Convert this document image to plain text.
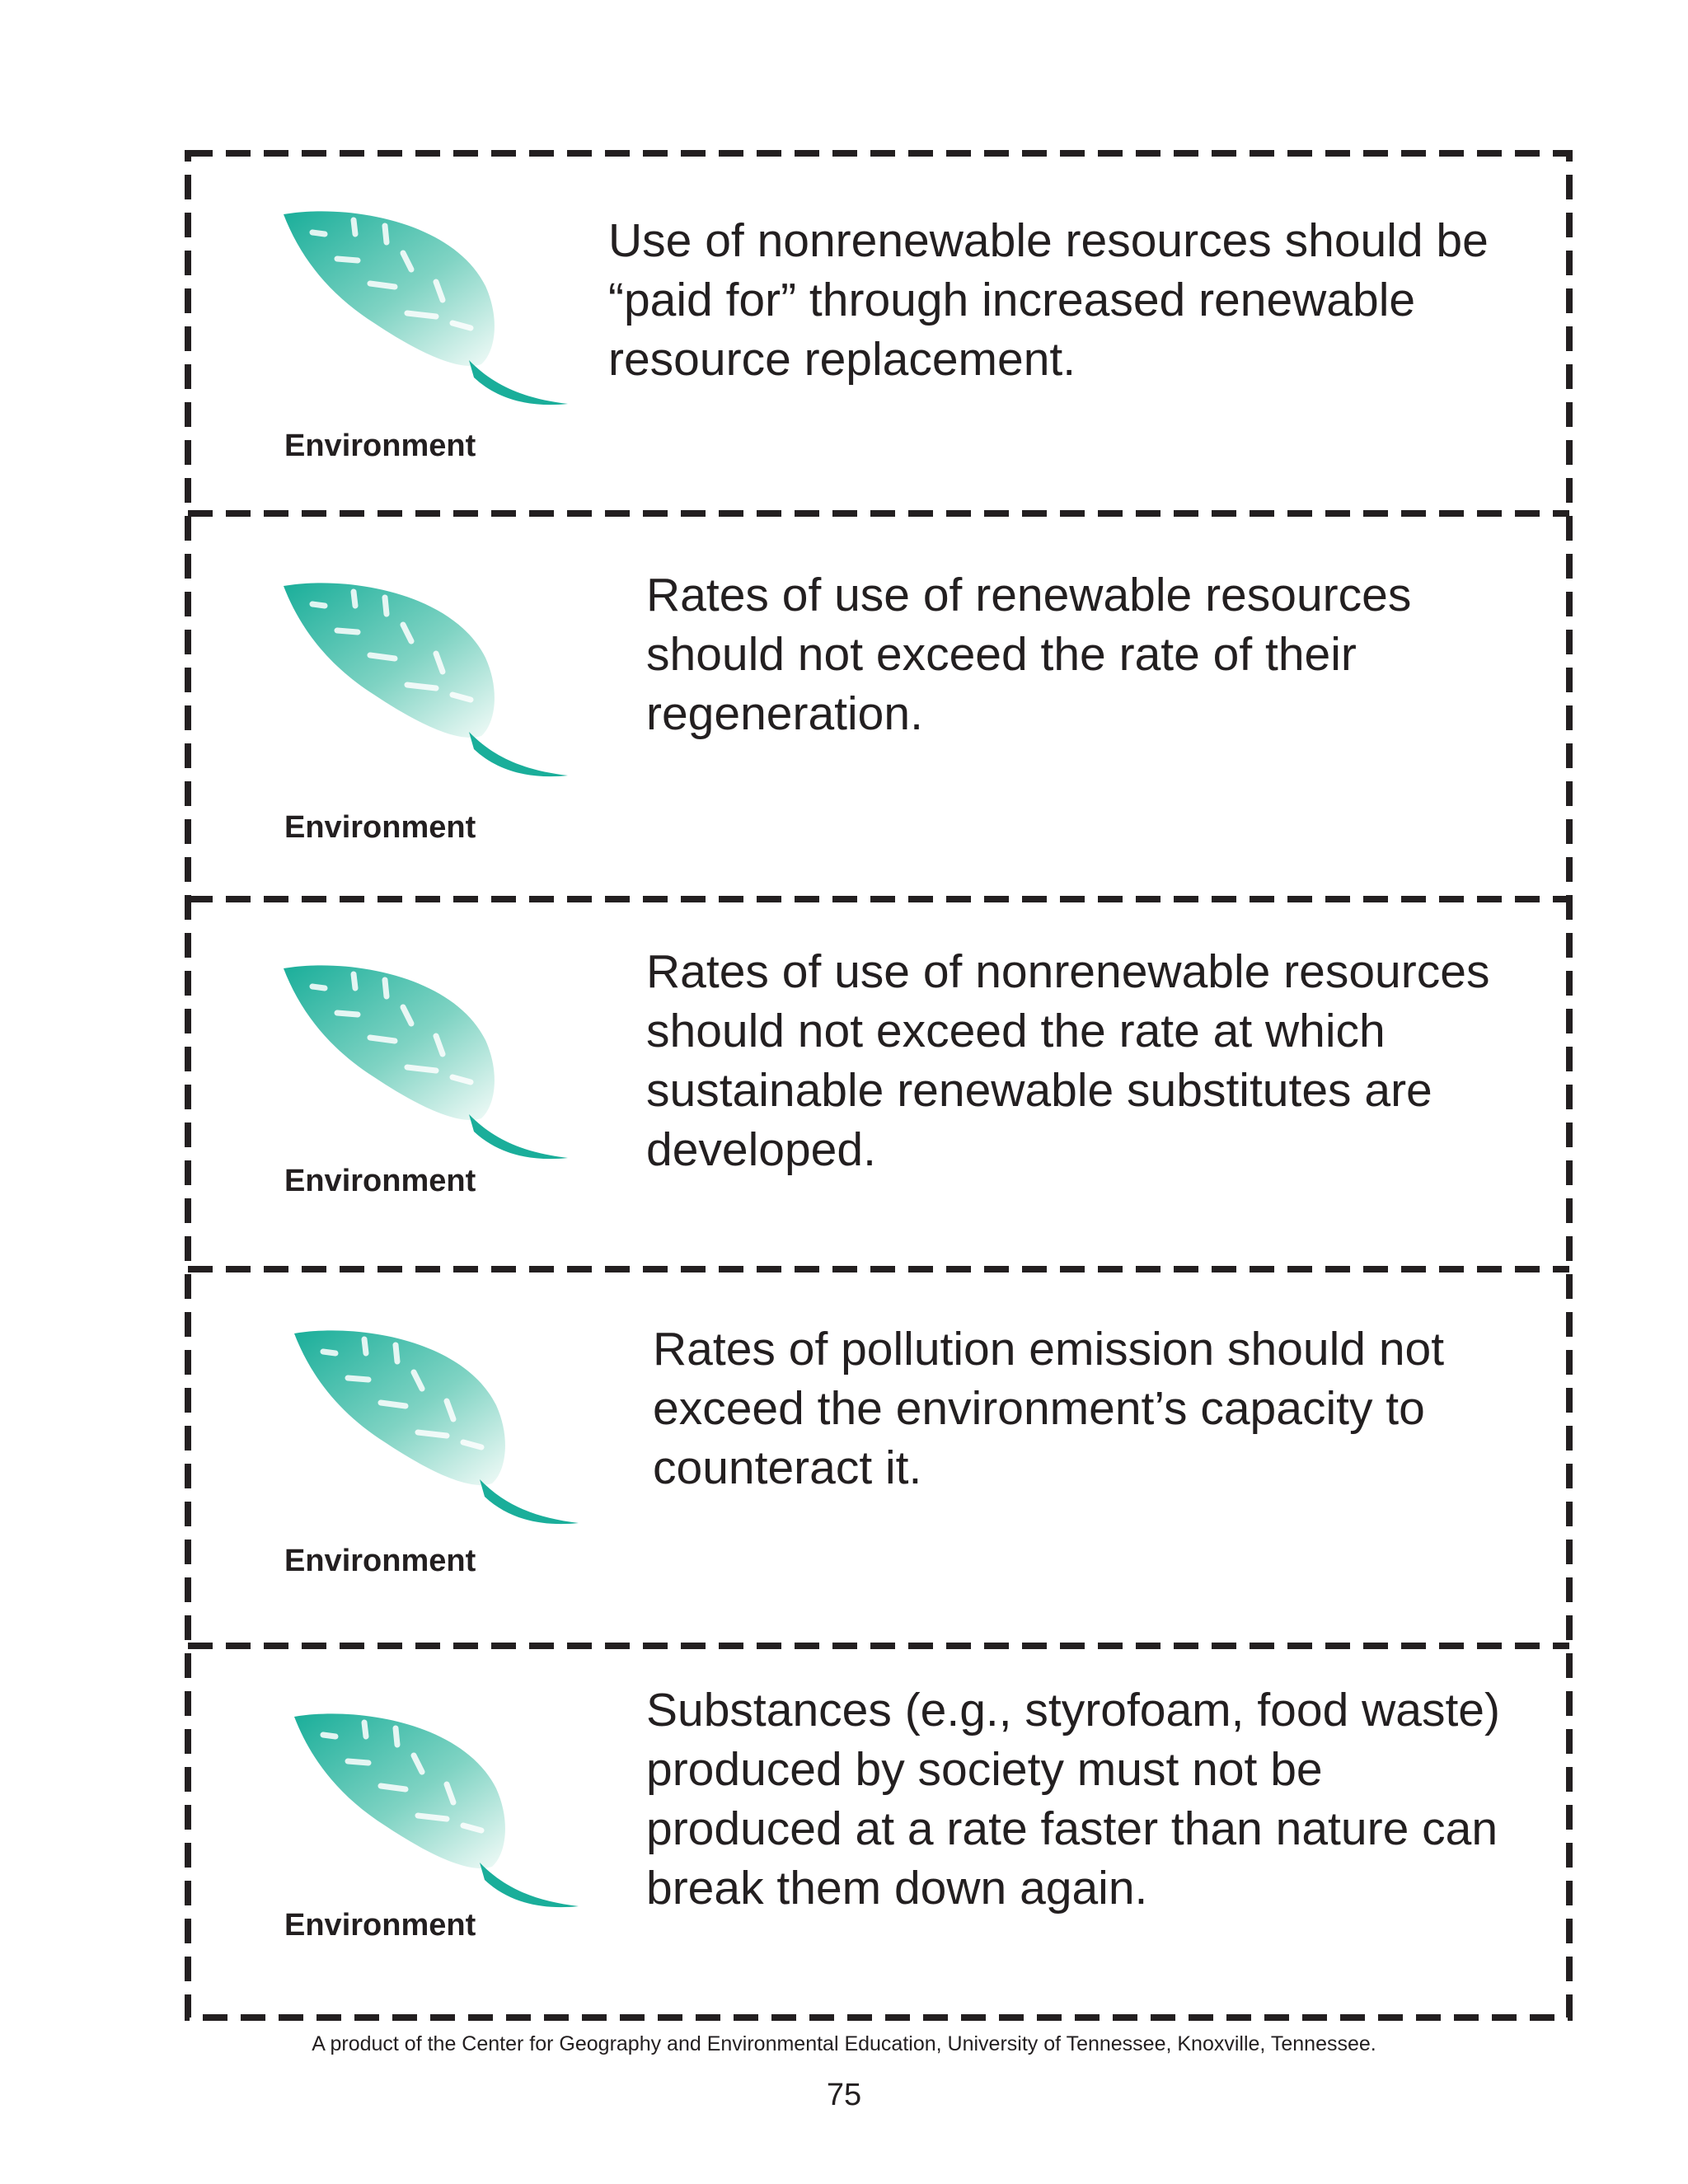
Environment
Use of nonrenewable resources should be
“paid for” through increased renewable
resource replacement.
Environment
Rates of use of renewable resources
should not exceed the rate of their
regeneration.
Environment
Rates of use of nonrenewable resources
should not exceed the rate at which
sustainable renewable substitutes are
developed.
Environment
Rates of pollution emission should not
exceed the environment’s capacity to
counteract it.
Environment
Substances (e.g., styrofoam, food waste)
produced by society must not be
produced at a rate faster than nature can
break them down again.
A product of the Center for Geography and Environmental Education, University of Tennessee, Knoxville, Tennessee.
75
